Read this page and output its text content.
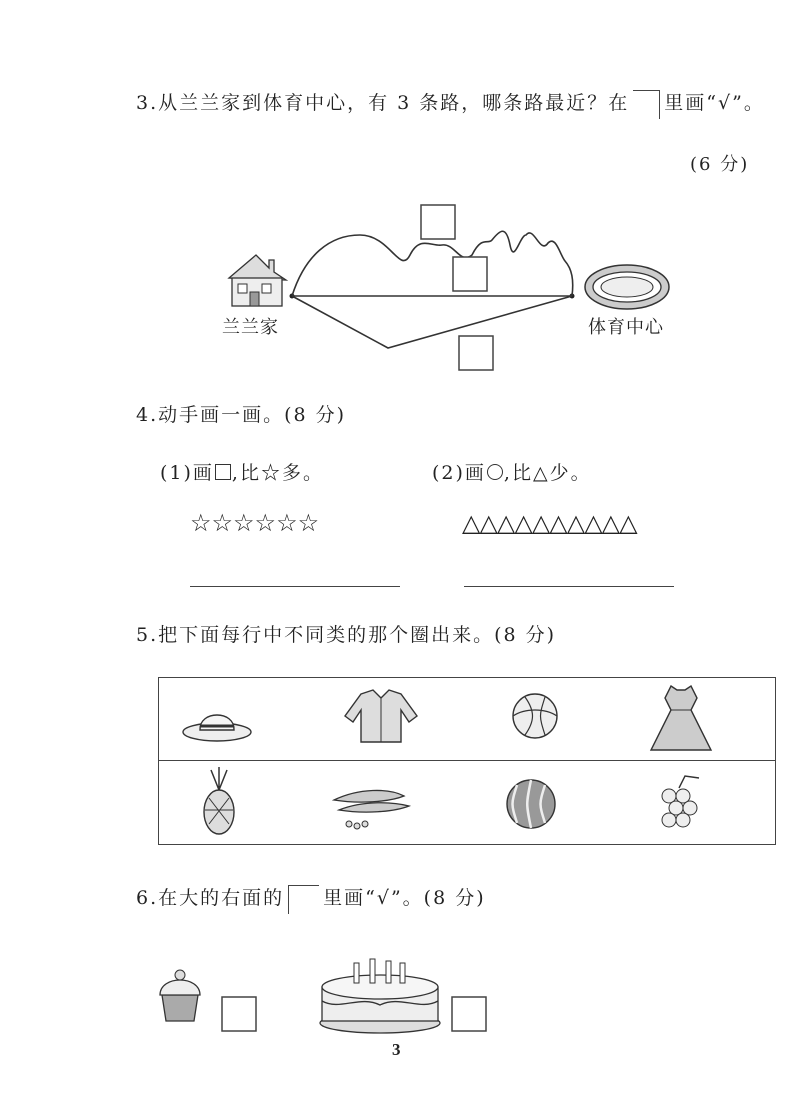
3.从兰兰家到体育中心，有 3 条路，哪条路最近？在 里画“√”。
(6 分)
兰兰家	体育中心
4.动手画一画。(8 分)
(1)画 ,比☆多。	(2)画 ,比△少。
☆☆☆☆☆☆	△△△△△△△△△△
5.把下面每行中不同类的那个圈出来。(8 分)
6.在大的右面的 里画“√”。(8 分)
3
